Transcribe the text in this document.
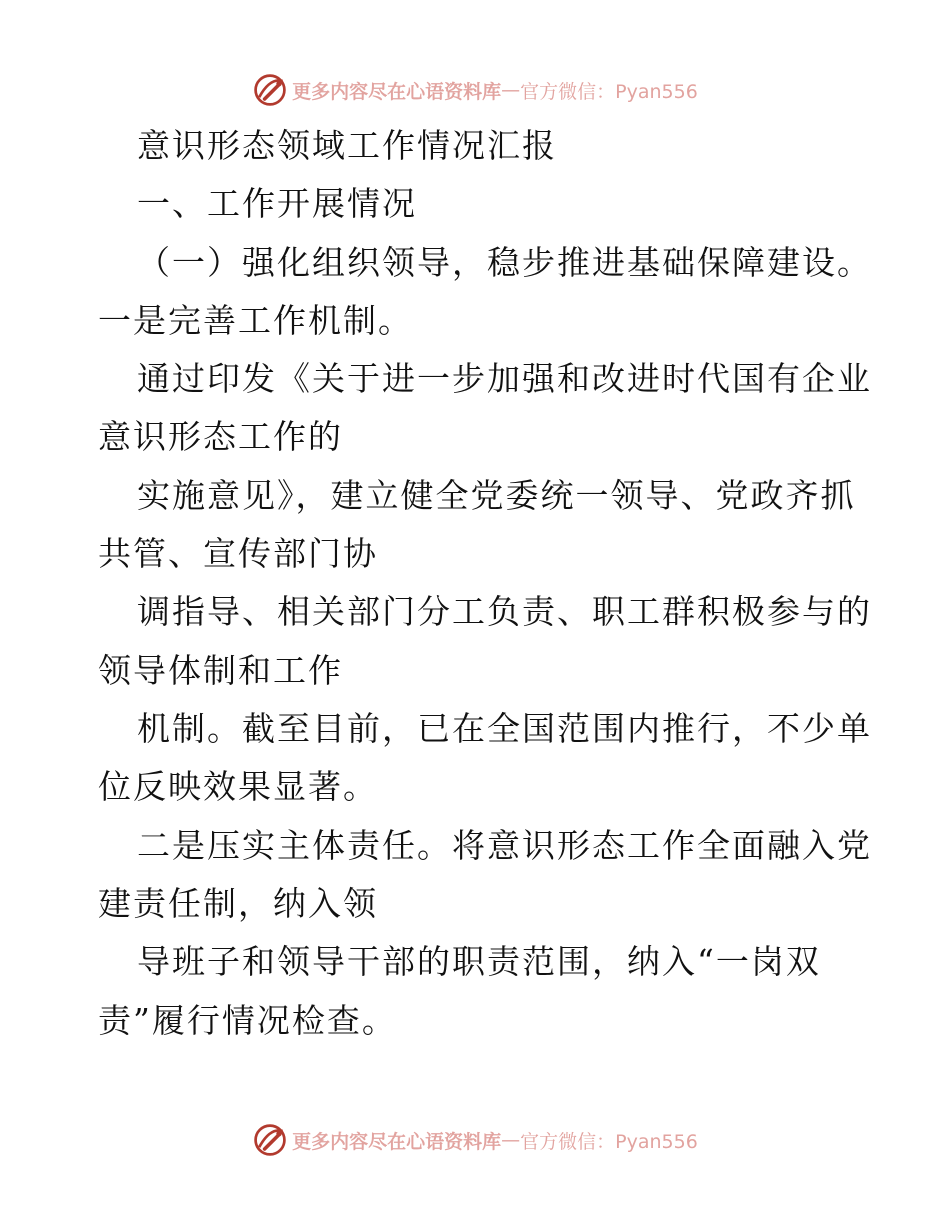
更多内容尽在心语资料库 — 官方微信：Pyan556
意识形态领域工作情况汇报
一、工作开展情况
（一）强化组织领导，稳步推进基础保障建设。
一是完善工作机制。
通过印发《关于进一步加强和改进时代国有企业
意识形态工作的
实施意见》，建立健全党委统一领导、党政齐抓
共管、宣传部门协
调指导、相关部门分工负责、职工群积极参与的
领导体制和工作
机制。截至目前，已在全国范围内推行，不少单
位反映效果显著。
二是压实主体责任。将意识形态工作全面融入党
建责任制，纳入领
导班子和领导干部的职责范围，纳入“一岗双
责”履行情况检查。
更多内容尽在心语资料库 — 官方微信：Pyan556
